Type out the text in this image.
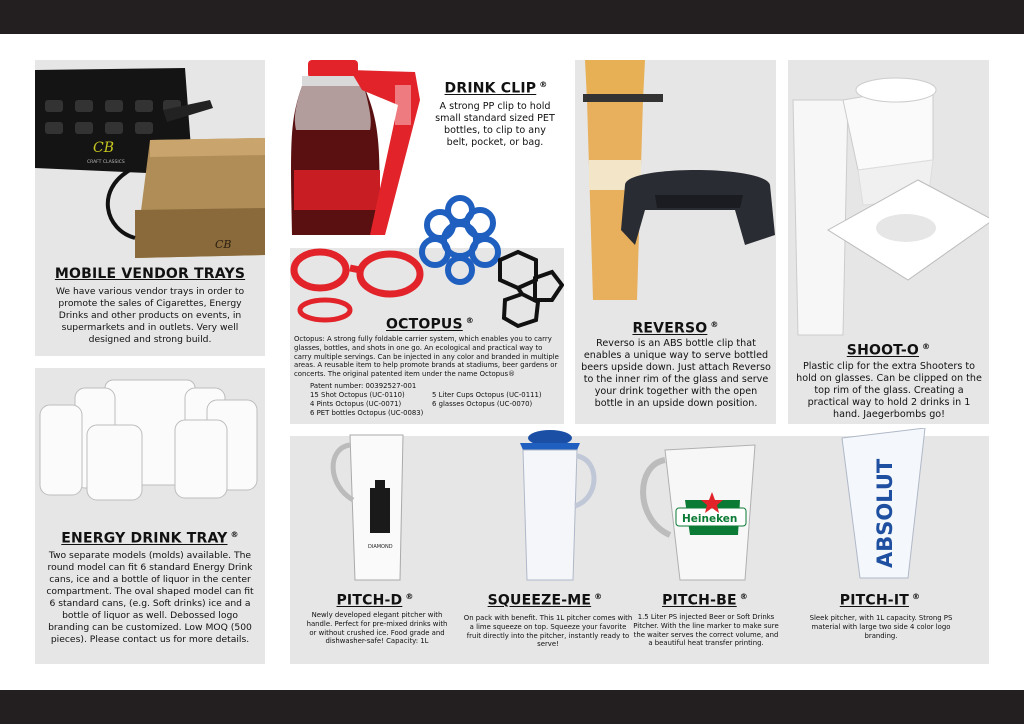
CB
CRAFT CLASSICS
CB
MOBILE VENDOR TRAYS
We have various vendor trays in order to promote the sales of Cigarettes, Energy Drinks and other products on events, in supermarkets and in outlets. Very well designed and strong build.
DRINK CLIP ®
A strong PP clip to hold small standard sized PET bottles, to clip to any belt, pocket, or bag.
OCTOPUS ®
Octopus: A strong fully foldable carrier system, which enables you to carry glasses, bottles, and shots in one go. An ecological and practical way to carry multiple servings. Can be injected in any color and branded in multiple areas. A reusable item to help promote brands at stadiums, beer gardens or concerts. The original patented item under the name Octopus®
Patent number: 00392527-001
15 Shot Octopus (UC-0110)
4 Pints Octopus (UC-0071)
6 PET bottles Octopus (UC-0083)
5 Liter Cups Octopus (UC-0111)
6 glasses Octopus (UC-0070)
REVERSO ®
Reverso is an ABS bottle clip that enables a unique way to serve bottled beers upside down. Just attach Reverso to the inner rim of the glass and serve your drink together with the open bottle in an upside down position.
SHOOT-O ®
Plastic clip for the extra Shooters to hold on glasses. Can be clipped on the top rim of the glass. Creating a practical way to hold 2 drinks in 1 hand. Jaegerbombs go!
ENERGY DRINK TRAY ®
Two separate models (molds) available. The round model can fit 6 standard Energy Drink cans, ice and a bottle of liquor in the center compartment. The oval shaped model can fit 6 standard cans, (e.g. Soft drinks) ice and a bottle of liquor as well. Debossed logo branding can be customized. Low MOQ (500 pieces). Please contact us for more details.
DIAMOND
PITCH-D ®
Newly developed elegant pitcher with handle. Perfect for pre-mixed drinks with or without crushed ice. Food grade and dishwasher-safe! Capacity: 1L
SQUEEZE-ME ®
On pack with benefit. This 1L pitcher comes with a lime squeeze on top. Squeeze your favorite fruit directly into the pitcher, instantly ready to serve!
Heineken
PITCH-BE ®
1.5 Liter PS injected Beer or Soft Drinks Pitcher. With the line marker to make sure the waiter serves the correct volume, and a beautiful heat transfer printing.
ABSOLUT
PITCH-IT ®
Sleek pitcher, with 1L capacity. Strong PS material with large two side 4 color logo branding.
